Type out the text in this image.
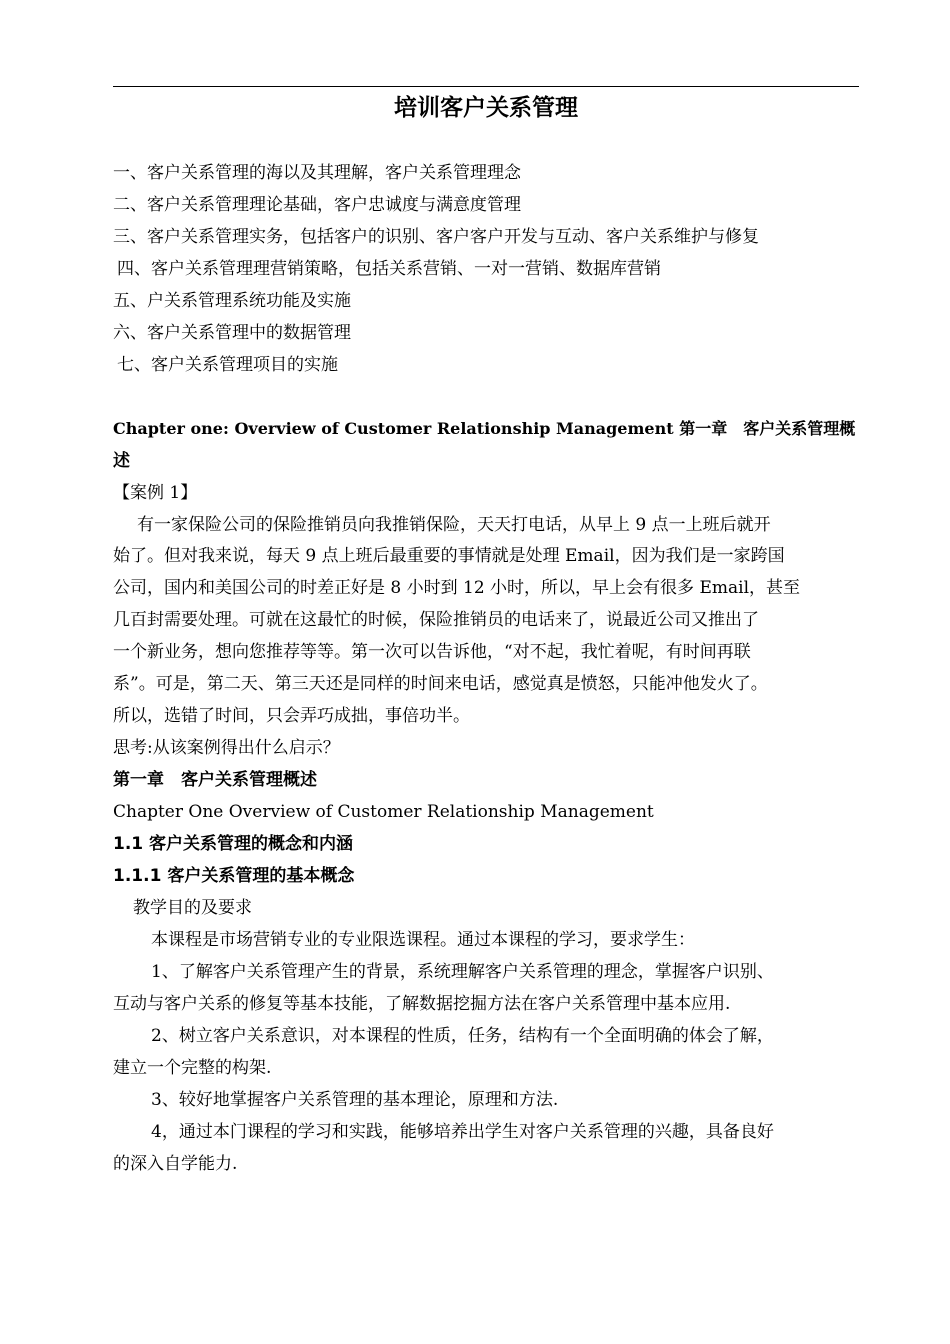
培训客户关系管理
一、客户关系管理的海以及其理解，客户关系管理理念
二、客户关系管理理论基础，客户忠诚度与满意度管理
三、客户关系管理实务，包括客户的识别、客户客户开发与互动、客户关系维护与修复
四、客户关系管理理营销策略，包括关系营销、一对一营销、数据库营销
五、户关系管理系统功能及实施
六、客户关系管理中的数据管理
七、客户关系管理项目的实施
Chapter one: Overview of Customer Relationship Management 第一章　客户关系管理概
述
【案例 1】
有一家保险公司的保险推销员向我推销保险，天天打电话，从早上 9 点一上班后就开
始了。但对我来说，每天 9 点上班后最重要的事情就是处理 Email，因为我们是一家跨国
公司，国内和美国公司的时差正好是 8 小时到 12 小时，所以，早上会有很多 Email，甚至
几百封需要处理。可就在这最忙的时候，保险推销员的电话来了，说最近公司又推出了
一个新业务，想向您推荐等等。第一次可以告诉他，“对不起，我忙着呢，有时间再联
系”。可是，第二天、第三天还是同样的时间来电话，感觉真是愤怒，只能冲他发火了。
所以，选错了时间，只会弄巧成拙，事倍功半。
思考:从该案例得出什么启示？
第一章　客户关系管理概述
Chapter One Overview of Customer Relationship Management
1.1 客户关系管理的概念和内涵
1.1.1 客户关系管理的基本概念
教学目的及要求
本课程是市场营销专业的专业限选课程。通过本课程的学习，要求学生：
1、了解客户关系管理产生的背景，系统理解客户关系管理的理念，掌握客户识别、
互动与客户关系的修复等基本技能，了解数据挖掘方法在客户关系管理中基本应用.
2、树立客户关系意识，对本课程的性质，任务，结构有一个全面明确的体会了解，
建立一个完整的构架.
3、较好地掌握客户关系管理的基本理论，原理和方法.
4，通过本门课程的学习和实践，能够培养出学生对客户关系管理的兴趣，具备良好
的深入自学能力.
